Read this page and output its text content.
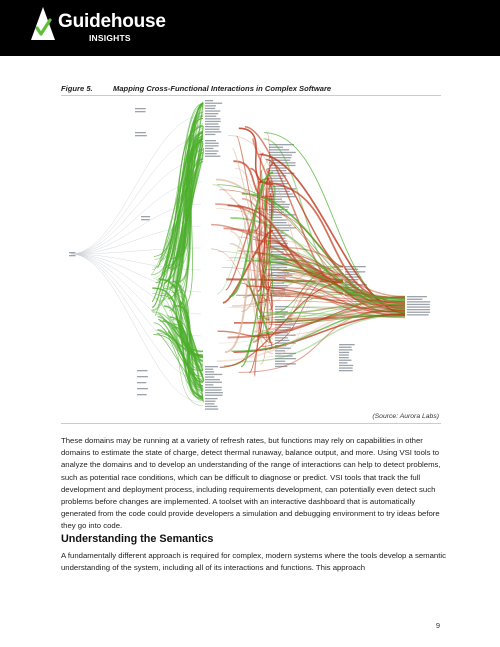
Guidehouse
INSIGHTS
Figure 5.	Mapping Cross-Functional Interactions in Complex Software
(Source: Aurora Labs)

These domains may be running at a variety of refresh rates, but functions may rely on capabilities in other domains to estimate the state of charge, detect thermal runaway, balance output, and more. Using VSI tools to analyze the domains and to develop an understanding of the range of interactions can help to detect problems, such as potential race conditions, which can be difficult to diagnose or predict. VSI tools that track the full development and deployment process, including requirements development, can potentially even detect such problems before changes are implemented. A toolset with an interactive dashboard that is automatically generated from the code could provide developers a simulation and debugging environment to try ideas before they go into code.

Understanding the Semantics

A fundamentally different approach is required for complex, modern systems where the tools develop a semantic understanding of the system, including all of its interactions and functions. This approach

9
